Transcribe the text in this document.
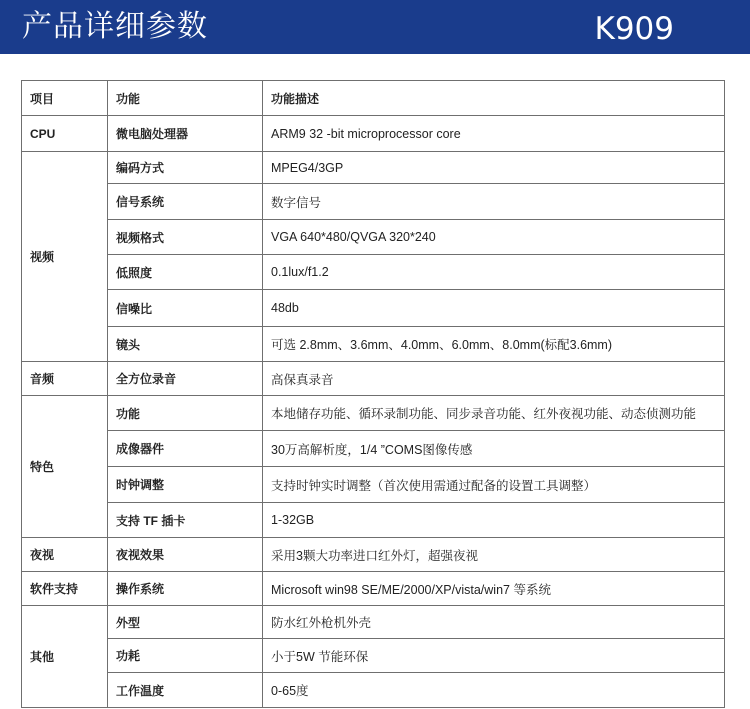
产品详细参数	K909
项目	功能	功能描述
CPU	微电脑处理器	ARM9 32 -bit microprocessor core
视频	编码方式	MPEG4/3GP
	信号系统	数字信号
	视频格式	VGA 640*480/QVGA 320*240
	低照度	0.1lux/f1.2
	信噪比	48db
	镜头	可选 2.8mm、3.6mm、4.0mm、6.0mm、8.0mm(标配3.6mm)
音频	全方位录音	高保真录音
特色	功能	本地储存功能、循环录制功能、同步录音功能、红外夜视功能、动态侦测功能
	成像器件	30万高解析度，1/4 ”COMS图像传感
	时钟调整	支持时钟实时调整（首次使用需通过配备的设置工具调整）
	支持 TF 插卡	1-32GB
夜视	夜视效果	采用3颗大功率进口红外灯，超强夜视
软件支持	操作系统	Microsoft win98 SE/ME/2000/XP/vista/win7 等系统
其他	外型	防水红外枪机外壳
	功耗	小于5W 节能环保
	工作温度	0-65度
